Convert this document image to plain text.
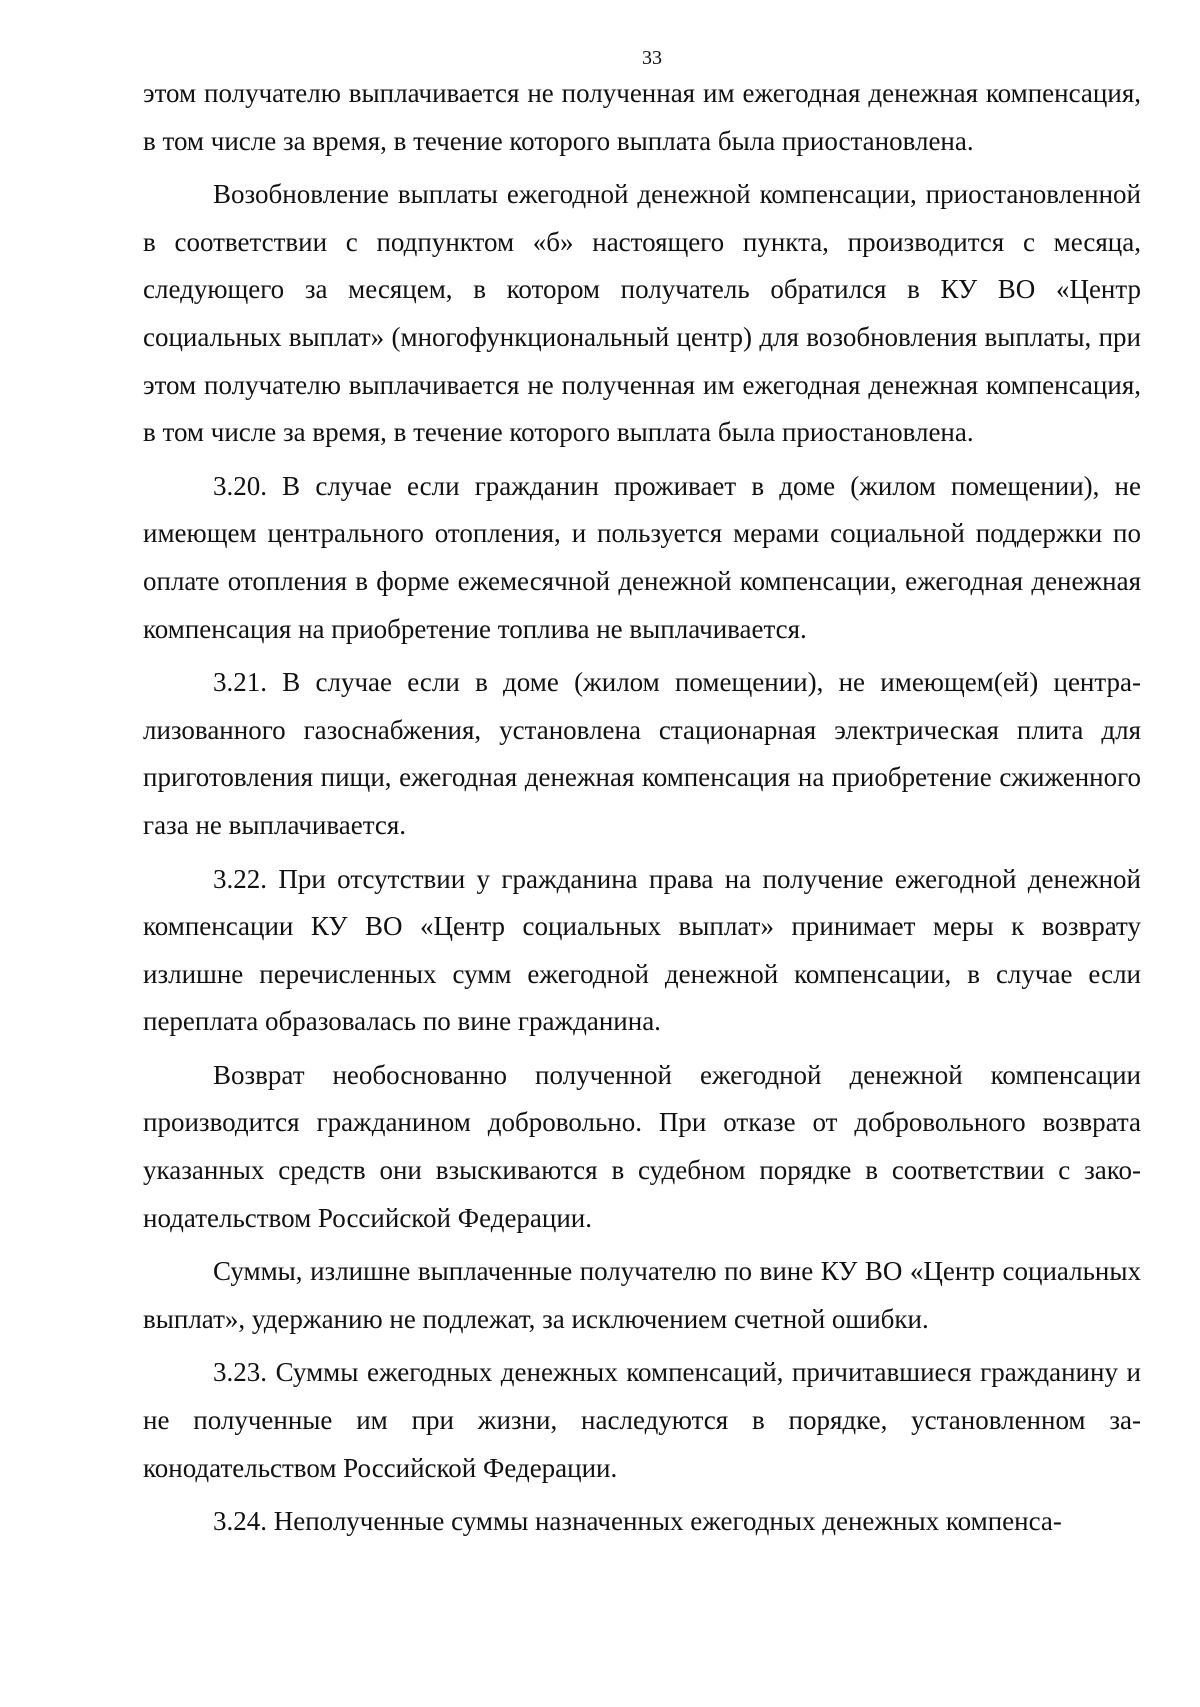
33

этом получателю выплачивается не полученная им ежегодная денежная компенсация, в том числе за время, в течение которого выплата была приостановлена.

Возобновление выплаты ежегодной денежной компенсации, приостановленной в соответствии с подпунктом «б» настоящего пункта, производится с месяца, следующего за месяцем, в котором получатель обратился в КУ ВО «Центр социальных выплат» (многофункциональный центр) для возобновления выплаты, при этом получателю выплачивается не полученная им ежегодная денежная компенсация, в том числе за время, в течение которого выплата была приостановлена.

3.20. В случае если гражданин проживает в доме (жилом помещении), не имеющем центрального отопления, и пользуется мерами социальной поддержки по оплате отопления в форме ежемесячной денежной компенсации, ежегодная денежная компенсация на приобретение топлива не выплачивается.

3.21. В случае если в доме (жилом помещении), не имеющем(ей) централизованного газоснабжения, установлена стационарная электрическая плита для приготовления пищи, ежегодная денежная компенсация на приобретение сжиженного газа не выплачивается.

3.22. При отсутствии у гражданина права на получение ежегодной денежной компенсации КУ ВО «Центр социальных выплат» принимает меры к возврату излишне перечисленных сумм ежегодной денежной компенсации, в случае если переплата образовалась по вине гражданина.

Возврат необоснованно полученной ежегодной денежной компенсации производится гражданином добровольно. При отказе от добровольного возврата указанных средств они взыскиваются в судебном порядке в соответствии с законодательством Российской Федерации.

Суммы, излишне выплаченные получателю по вине КУ ВО «Центр социальных выплат», удержанию не подлежат, за исключением счетной ошибки.

3.23. Суммы ежегодных денежных компенсаций, причитавшиеся гражданину и не полученные им при жизни, наследуются в порядке, установленном законодательством Российской Федерации.

3.24. Неполученные суммы назначенных ежегодных денежных компенса-
